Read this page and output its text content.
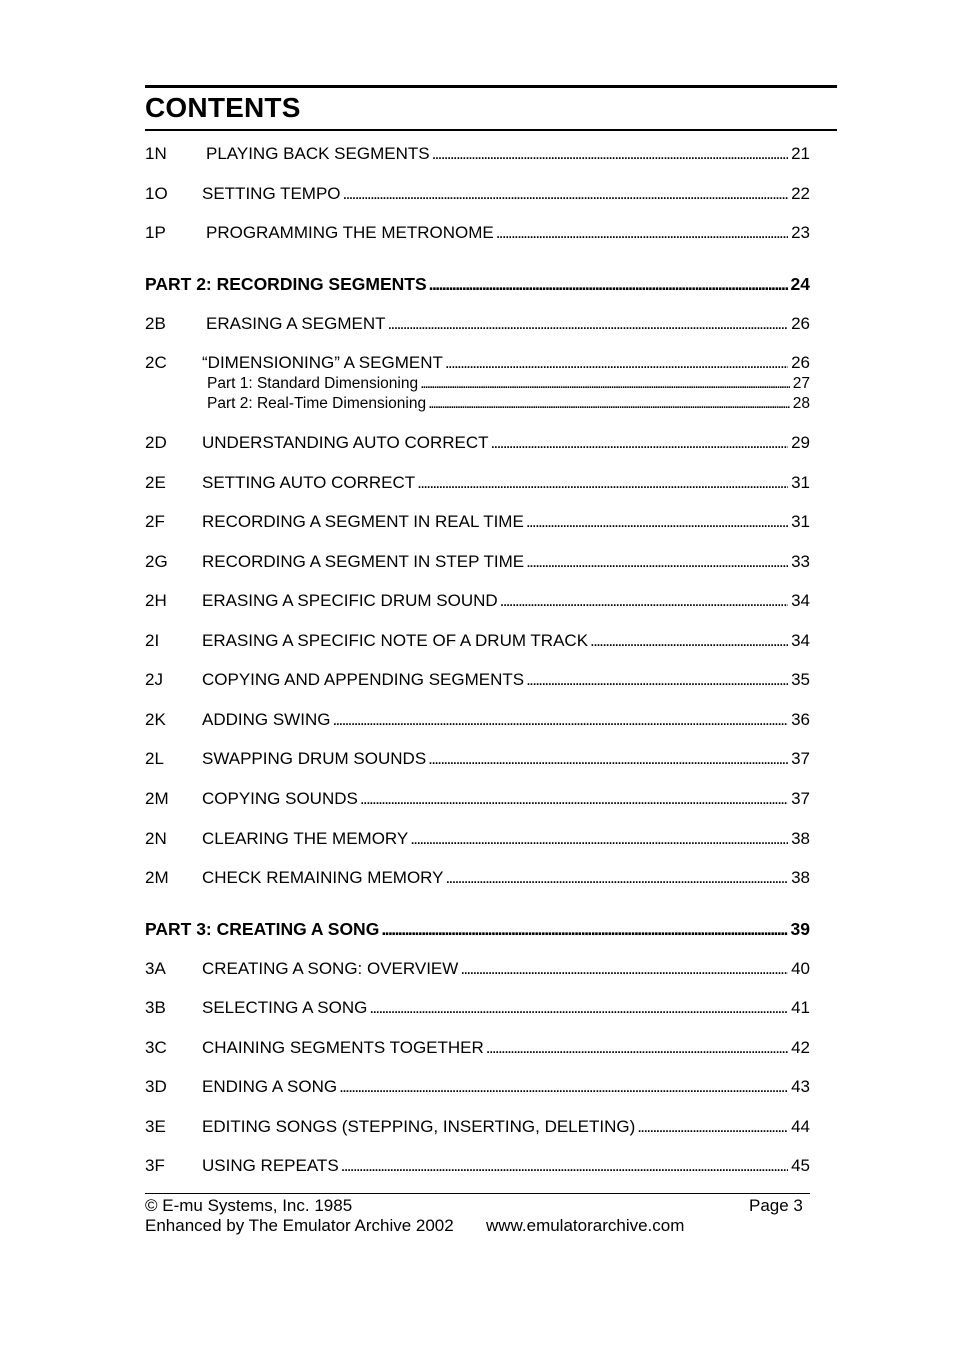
CONTENTS
1N PLAYING BACK SEGMENTS . . .	21
1O SETTING TEMPO . . .	22
1P PROGRAMMING THE METRONOME . . .	23
PART 2: RECORDING SEGMENTS . . .	24
2B ERASING A SEGMENT . . .	26
2C “DIMENSIONING” A SEGMENT . . .	26
Part 1: Standard Dimensioning . . .	27
Part 2: Real-Time Dimensioning . . .	28
2D UNDERSTANDING AUTO CORRECT . . .	29
2E SETTING AUTO CORRECT . . .	31
2F RECORDING A SEGMENT IN REAL TIME . . .	31
2G RECORDING A SEGMENT IN STEP TIME . . .	33
2H ERASING A SPECIFIC DRUM SOUND . . .	34
2I	ERASING A SPECIFIC NOTE OF A DRUM TRACK . . .	34
2J COPYING AND APPENDING SEGMENTS . . .	35
2K ADDING SWING . . .	36
2L SWAPPING DRUM SOUNDS . . .	37
2M COPYING SOUNDS . . .	37
2N CLEARING THE MEMORY . . .	38
2M CHECK REMAINING MEMORY . . .	38
PART 3: CREATING A SONG . . .	39
3A CREATING A SONG: OVERVIEW . . .	40
3B SELECTING A SONG . . .	41
3C CHAINING SEGMENTS TOGETHER . . .	42
3D ENDING A SONG . . .	43
3E EDITING SONGS (STEPPING, INSERTING, DELETING) . . .	44
3F USING REPEATS . . .	45
© E-mu Systems, Inc. 1985	Page 3
Enhanced by The Emulator Archive 2002 www.emulatorarchive.com
